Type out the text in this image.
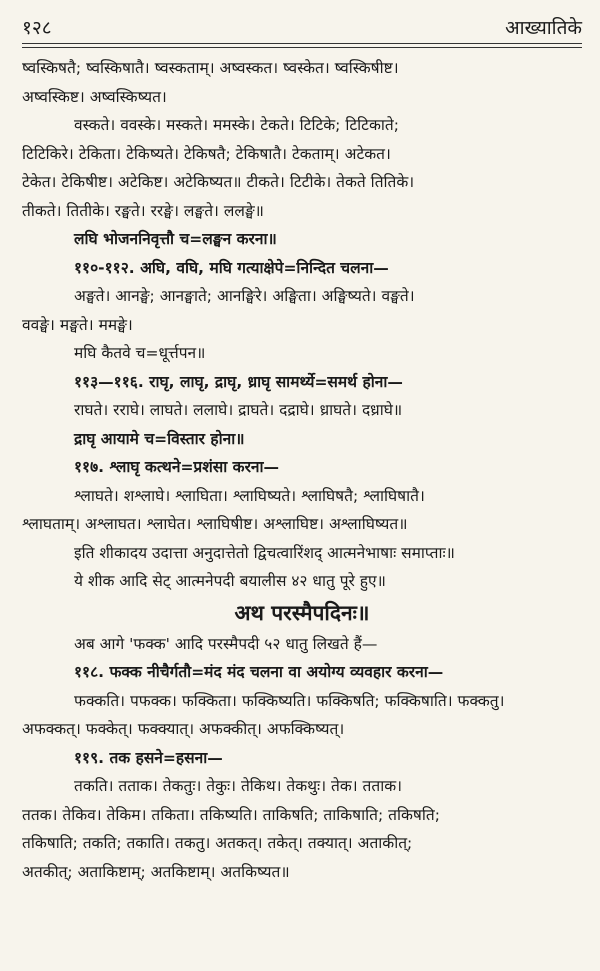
१२८	आख्यातिके
ष्वस्किषतै; ष्वस्किषातै। ष्वस्कताम्। अष्वस्कत। ष्वस्केत। ष्वस्किषीष्ट।
अष्वस्किष्ट। अष्वस्किष्यत।
वस्कते। ववस्के। मस्कते। ममस्के। टेकते। टिटिके; टिटिकाते;
टिटिकिरे। टेकिता। टेकिष्यते। टेकिषतै; टेकिषातै। टेकताम्। अटेकत।
टेकेत। टेकिषीष्ट। अटेकिष्ट। अटेकिष्यत॥ टीकते। टिटीके। तेकते तितिके।
तीकते। तितीके। रङ्घते। ररङ्घे। लङ्घते। ललङ्घे॥
लघि भोजननिवृत्तौ च=लङ्घन करना॥
११०-११२. अघि, वघि, मघि गत्याक्षेपे=निन्दित चलना—
अङ्घते। आनङ्घे; आनङ्घाते; आनङ्घिरे। अङ्घिता। अङ्घिष्यते। वङ्घते।
ववङ्घे। मङ्घते। ममङ्घे।
मघि कैतवे च=धूर्त्तपन॥
११३—११६. राघृ, लाघृ, द्राघृ, ध्राघृ सामर्थ्ये=समर्थ होना—
राघते। रराघे। लाघते। ललाघे। द्राघते। दद्राघे। ध्राघते। दध्राघे॥
द्राघृ आयामे च=विस्तार होना॥
११७. श्लाघृ कत्थने=प्रशंसा करना—
श्लाघते। शश्लाघे। श्लाघिता। श्लाघिष्यते। श्लाघिषतै; श्लाघिषातै।
श्लाघताम्। अश्लाघत। श्लाघेत। श्लाघिषीष्ट। अश्लाघिष्ट। अश्लाघिष्यत॥
इति शीकादय उदात्ता अनुदात्तेतो द्विचत्वारिंशद् आत्मनेभाषाः समाप्ताः॥
ये शीक आदि सेट् आत्मनेपदी बयालीस ४२ धातु पूरे हुए॥
अथ परस्मैपदिनः॥
अब आगे 'फक्क' आदि परस्मैपदी ५२ धातु लिखते हैं—
११८. फक्क नीचैर्गतौ=मंद मंद चलना वा अयोग्य व्यवहार करना—
फक्कति। पफक्क। फक्किता। फक्किष्यति। फक्किषति; फक्किषाति। फक्कतु।
अफक्कत्। फक्केत्। फक्क्यात्। अफक्कीत्। अफक्किष्यत्।
११९. तक हसने=हसना—
तकति। तताक। तेकतुः। तेकुः। तेकिथ। तेकथुः। तेक। तताक।
ततक। तेकिव। तेकिम। तकिता। तकिष्यति। ताकिषति; ताकिषाति; तकिषति;
तकिषाति; तकति; तकाति। तकतु। अतकत्। तकेत्। तक्यात्। अताकीत्;
अतकीत्; अताकिष्टाम्; अतकिष्टाम्। अतकिष्यत॥
